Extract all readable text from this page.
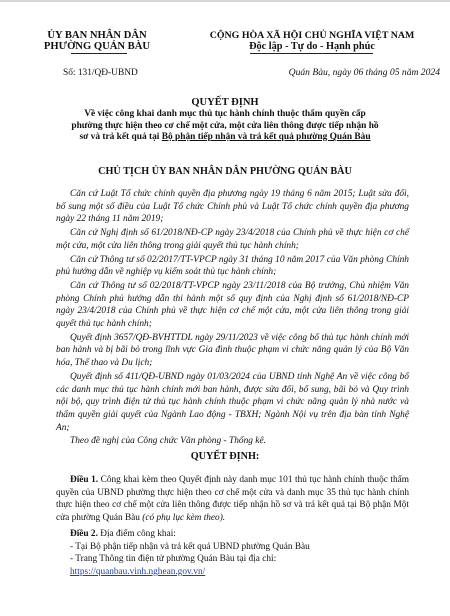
ỦY BAN NHÂN DÂN
PHƯỜNG QUÁN BÀU
CỘNG HÒA XÃ HỘI CHỦ NGHĨA VIỆT NAM
Độc lập - Tự do - Hạnh phúc
Số: 131/QĐ-UBND	Quán Bàu, ngày 06 tháng 05 năm 2024
QUYẾT ĐỊNH
Về việc công khai danh mục thủ tục hành chính thuộc thẩm quyền cấp
phường thực hiện theo cơ chế một cửa, một cửa liên thông được tiếp nhận hồ
sơ và trả kết quả tại Bộ phận tiếp nhận và trả kết quả phường Quán Bàu
CHỦ TỊCH ỦY BAN NHÂN DÂN PHƯỜNG QUÁN BÀU

Căn cứ Luật Tổ chức chính quyền địa phương ngày 19 tháng 6 năm 2015; Luật sửa đổi, bổ sung một số điều của Luật Tổ chức Chính phủ và Luật Tổ chức chính quyền địa phương ngày 22 tháng 11 năm 2019;

Căn cứ Nghị định số 61/2018/NĐ-CP ngày 23/4/2018 của Chính phủ về thực hiện cơ chế một cửa, một cửa liên thông trong giải quyết thủ tục hành chính;

Căn cứ Thông tư số 02/2017/TT-VPCP ngày 31 tháng 10 năm 2017 của Văn phòng Chính phủ hướng dẫn về nghiệp vụ kiểm soát thủ tục hành chính;

Căn cứ Thông tư số 02/2018/TT-VPCP ngày 23/11/2018 của Bộ trưởng, Chủ nhiệm Văn phòng Chính phủ hướng dẫn thi hành một số quy định của Nghị định số 61/2018/NĐ-CP ngày 23/4/2018 của Chính phủ về thực hiện cơ chế một cửa, một cửa liên thông trong giải quyết thủ tục hành chính;

Quyết định 3657/QĐ-BVHTTDL ngày 29/11/2023 về việc công bố thủ tục hành chính mới ban hành và bị bãi bỏ trong lĩnh vực Gia đình thuộc phạm vi chức năng quản lý của Bộ Văn hóa, Thể thao và Du lịch;

Quyết định số 411/QĐ-UBND ngày 01/03/2024 của UBND tỉnh Nghệ An về việc công bố các danh mục thủ tục hành chính mới ban hành, được sửa đổi, bổ sung, bãi bỏ và Quy trình nội bộ, quy trình điện tử thủ tục hành chính thuộc phạm vi chức năng quản lý nhà nước và thẩm quyền giải quyết của Ngành Lao động - TBXH; Ngành Nội vụ trên địa bàn tỉnh Nghệ An;

Theo đề nghị của Công chức Văn phòng - Thống kê.

QUYẾT ĐỊNH:

Điều 1. Công khai kèm theo Quyết định này danh mục 101 thủ tục hành chính thuộc thẩm quyền của UBND phường thực hiện theo cơ chế một cửa và danh mục 35 thủ tục hành chính thực hiện theo cơ chế một cửa liên thông được tiếp nhận hồ sơ và trả kết quả tại Bộ phận Một cửa phường Quán Bàu (có phụ lục kèm theo).

Điều 2. Địa điểm công khai:

- Tại Bộ phận tiếp nhận và trả kết quả UBND phường Quán Bàu

- Trang Thông tin điện tử phường Quán Bàu tại địa chỉ:

https://quanbau.vinh.nghean.gov.vn/
